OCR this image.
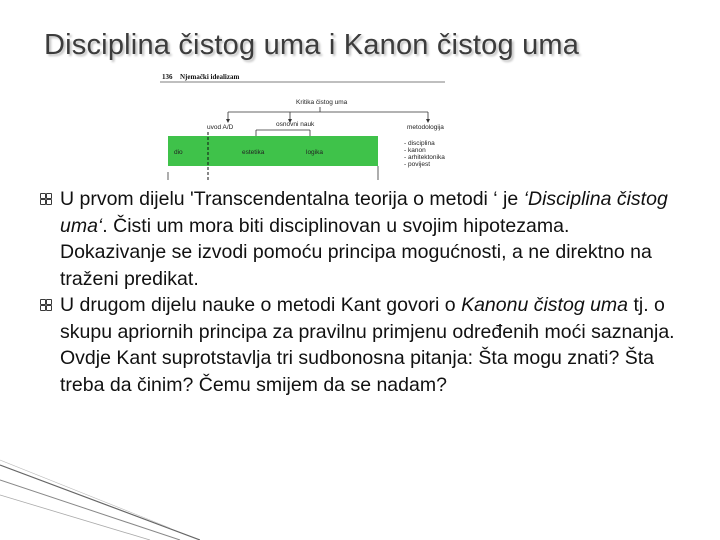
Disciplina čistog uma i Kanon čistog uma
136 Njemački idealizam
Kritika čistog uma
uvod A/D	osnovni nauk	metodologija
dio	estetika	logika
- disciplina
- kanon
- arhitektonika
- povijest

U prvom dijelu 'Transcendentalna teorija o metodi ‘ je ‘Disciplina čistog uma‘. Čisti um mora biti disciplinovan u svojim hipotezama. Dokazivanje se izvodi pomoću principa mogućnosti, a ne direktno na traženi predikat.

U drugom dijelu nauke o metodi Kant govori o Kanonu čistog uma tj. o skupu apriornih principa za pravilnu primjenu određenih moći saznanja. Ovdje Kant suprotstavlja tri sudbonosna pitanja: Šta mogu znati? Šta treba da činim? Čemu smijem da se nadam?
